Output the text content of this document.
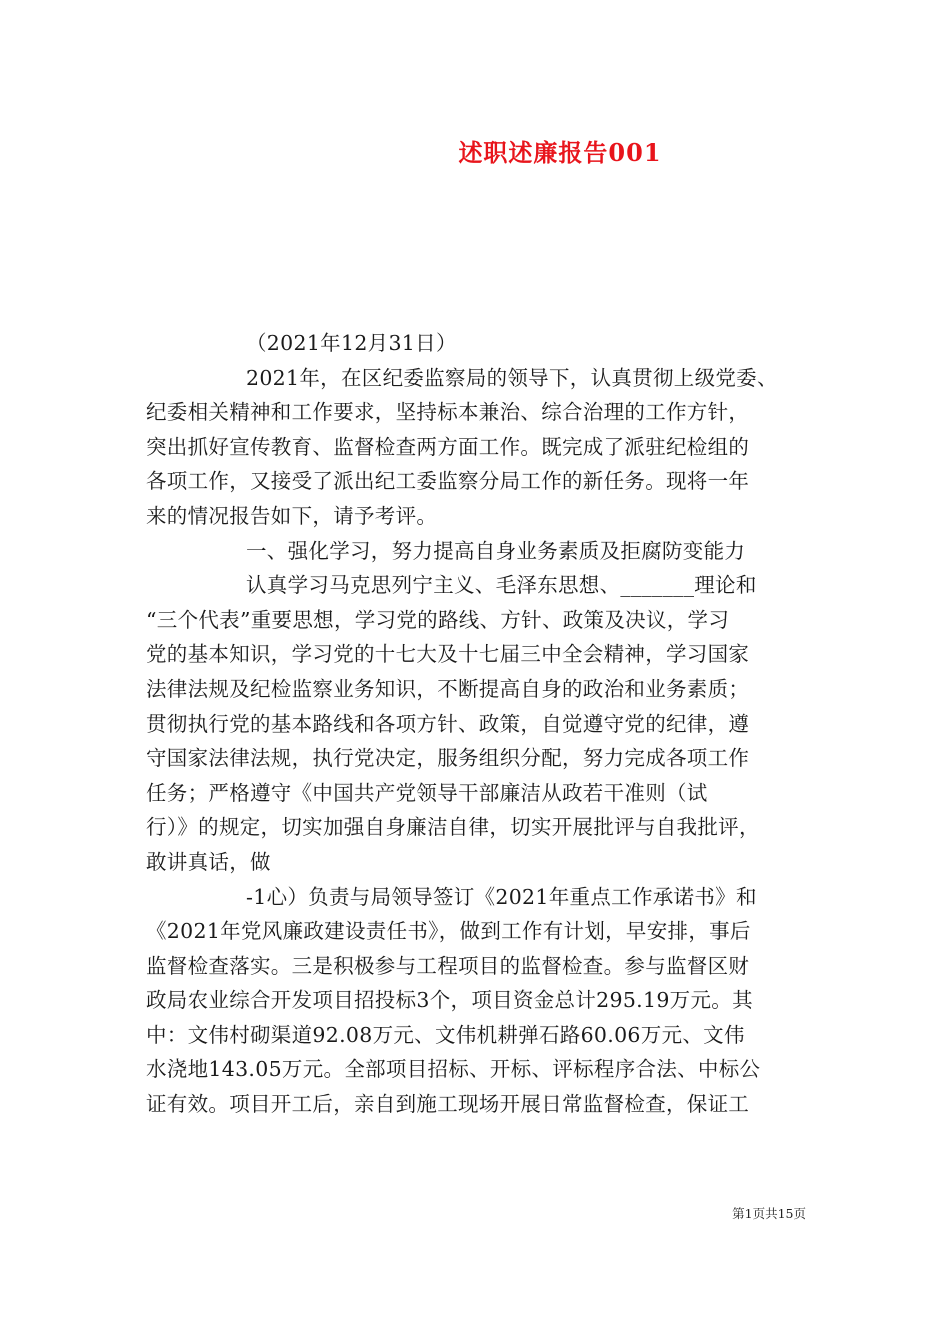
述职述廉报告001
（2021年12月31日）
2021年，在区纪委监察局的领导下，认真贯彻上级党委、
纪委相关精神和工作要求，坚持标本兼治、综合治理的工作方针，
突出抓好宣传教育、监督检查两方面工作。既完成了派驻纪检组的
各项工作，又接受了派出纪工委监察分局工作的新任务。现将一年
来的情况报告如下，请予考评。
一、强化学习，努力提高自身业务素质及拒腐防变能力
认真学习马克思列宁主义、毛泽东思想、_______理论和
“三个代表”重要思想，学习党的路线、方针、政策及决议，学习
党的基本知识，学习党的十七大及十七届三中全会精神，学习国家
法律法规及纪检监察业务知识，不断提高自身的政治和业务素质；
贯彻执行党的基本路线和各项方针、政策，自觉遵守党的纪律，遵
守国家法律法规，执行党决定，服务组织分配，努力完成各项工作
任务；严格遵守《中国共产党领导干部廉洁从政若干准则（试
行）》的规定，切实加强自身廉洁自律，切实开展批评与自我批评，
敢讲真话，做
-1心）负责与局领导签订《2021年重点工作承诺书》和
《2021年党风廉政建设责任书》，做到工作有计划，早安排，事后
监督检查落实。三是积极参与工程项目的监督检查。参与监督区财
政局农业综合开发项目招投标3个，项目资金总计295.19万元。其
中：文伟村砌渠道92.08万元、文伟机耕弹石路60.06万元、文伟
水浇地143.05万元。全部项目招标、开标、评标程序合法、中标公
证有效。项目开工后，亲自到施工现场开展日常监督检查，保证工
第1页共15页
